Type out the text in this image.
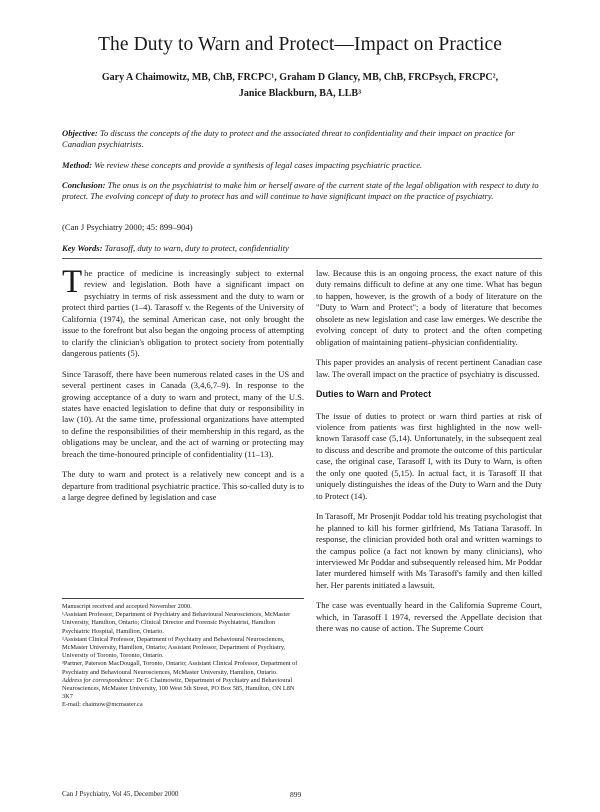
The Duty to Warn and Protect—Impact on Practice
Gary A Chaimowitz, MB, ChB, FRCPC¹, Graham D Glancy, MB, ChB, FRCPsych, FRCPC²,
Janice Blackburn, BA, LLB³
Objective: To discuss the concepts of the duty to protect and the associated threat to confidentiality and their impact on practice for Canadian psychiatrists.
Method: We review these concepts and provide a synthesis of legal cases impacting psychiatric practice.
Conclusion: The onus is on the psychiatrist to make him or herself aware of the current state of the legal obligation with respect to duty to protect. The evolving concept of duty to protect has and will continue to have significant impact on the practice of psychiatry.
(Can J Psychiatry 2000; 45: 899–904)
Key Words: Tarasoff, duty to warn, duty to protect, confidentiality

The practice of medicine is increasingly subject to external review and legislation. Both have a significant impact on psychiatry in terms of risk assessment and the duty to warn or protect third parties (1–4). Tarasoff v. the Regents of the University of California (1974), the seminal American case, not only brought the issue to the forefront but also began the ongoing process of attempting to clarify the clinician's obligation to protect society from potentially dangerous patients (5).

Since Tarasoff, there have been numerous related cases in the US and several pertinent cases in Canada (3,4,6,7–9). In response to the growing acceptance of a duty to warn and protect, many of the U.S. states have enacted legislation to define that duty or responsibility in law (10). At the same time, professional organizations have attempted to define the responsibilities of their membership in this regard, as the obligations may be unclear, and the act of warning or protecting may breach the time-honoured principle of confidentiality (11–13).

The duty to warn and protect is a relatively new concept and is a departure from traditional psychiatric practice. This so-called duty is to a large degree defined by legislation and case

Manuscript received and accepted November 2000.

¹Assistant Professor, Department of Psychiatry and Behavioural Neurosciences, McMaster University, Hamilton, Ontario; Clinical Director and Forensic Psychiatrist, Hamilton Psychiatric Hospital, Hamilton, Ontario.

²Assistant Clinical Professor, Department of Psychiatry and Behavioural Neurosciences, McMaster University, Hamilton, Ontario; Assistant Professor, Department of Psychiatry, University of Toronto, Toronto, Ontario.

³Partner, Paterson MacDougall, Toronto, Ontario; Assistant Clinical Professor, Department of Psychiatry and Behavioural Neurosciences, McMaster University, Hamilton, Ontario.

Address for correspondence: Dr G Chaimowitz, Department of Psychiatry and Behavioural Neurosciences, McMaster University, 100 West 5th Street, PO Box 585, Hamilton, ON L8N 3K7

E-mail: chaimow@mcmaster.ca

law. Because this is an ongoing process, the exact nature of this duty remains difficult to define at any one time. What has begun to happen, however, is the growth of a body of literature on the "Duty to Warn and Protect"; a body of literature that becomes obsolete as new legislation and case law emerges. We describe the evolving concept of duty to protect and the often competing obligation of maintaining patient–physician confidentiality.

This paper provides an analysis of recent pertinent Canadian case law. The overall impact on the practice of psychiatry is discussed.

Duties to Warn and Protect

The issue of duties to protect or warn third parties at risk of violence from patients was first highlighted in the now well-known Tarasoff case (5,14). Unfortunately, in the subsequent zeal to discuss and describe and promote the outcome of this particular case, the original case, Tarasoff I, with its Duty to Warn, is often the only one quoted (5,15). In actual fact, it is Tarasoff II that uniquely distinguishes the ideas of the Duty to Warn and the Duty to Protect (14).

In Tarasoff, Mr Prosenjit Poddar told his treating psychologist that he planned to kill his former girlfriend, Ms Tatiana Tarasoff. In response, the clinician provided both oral and written warnings to the campus police (a fact not known by many clinicians), who interviewed Mr Poddar and subsequently released him. Mr Poddar later murdered himself with Ms Tarasoff's family and then killed her. Her parents initiated a lawsuit.

The case was eventually heard in the California Supreme Court, which, in Tarasoff I 1974, reversed the Appellate decision that there was no cause of action. The Supreme Court

Can J Psychiatry, Vol 45, December 2000	899
